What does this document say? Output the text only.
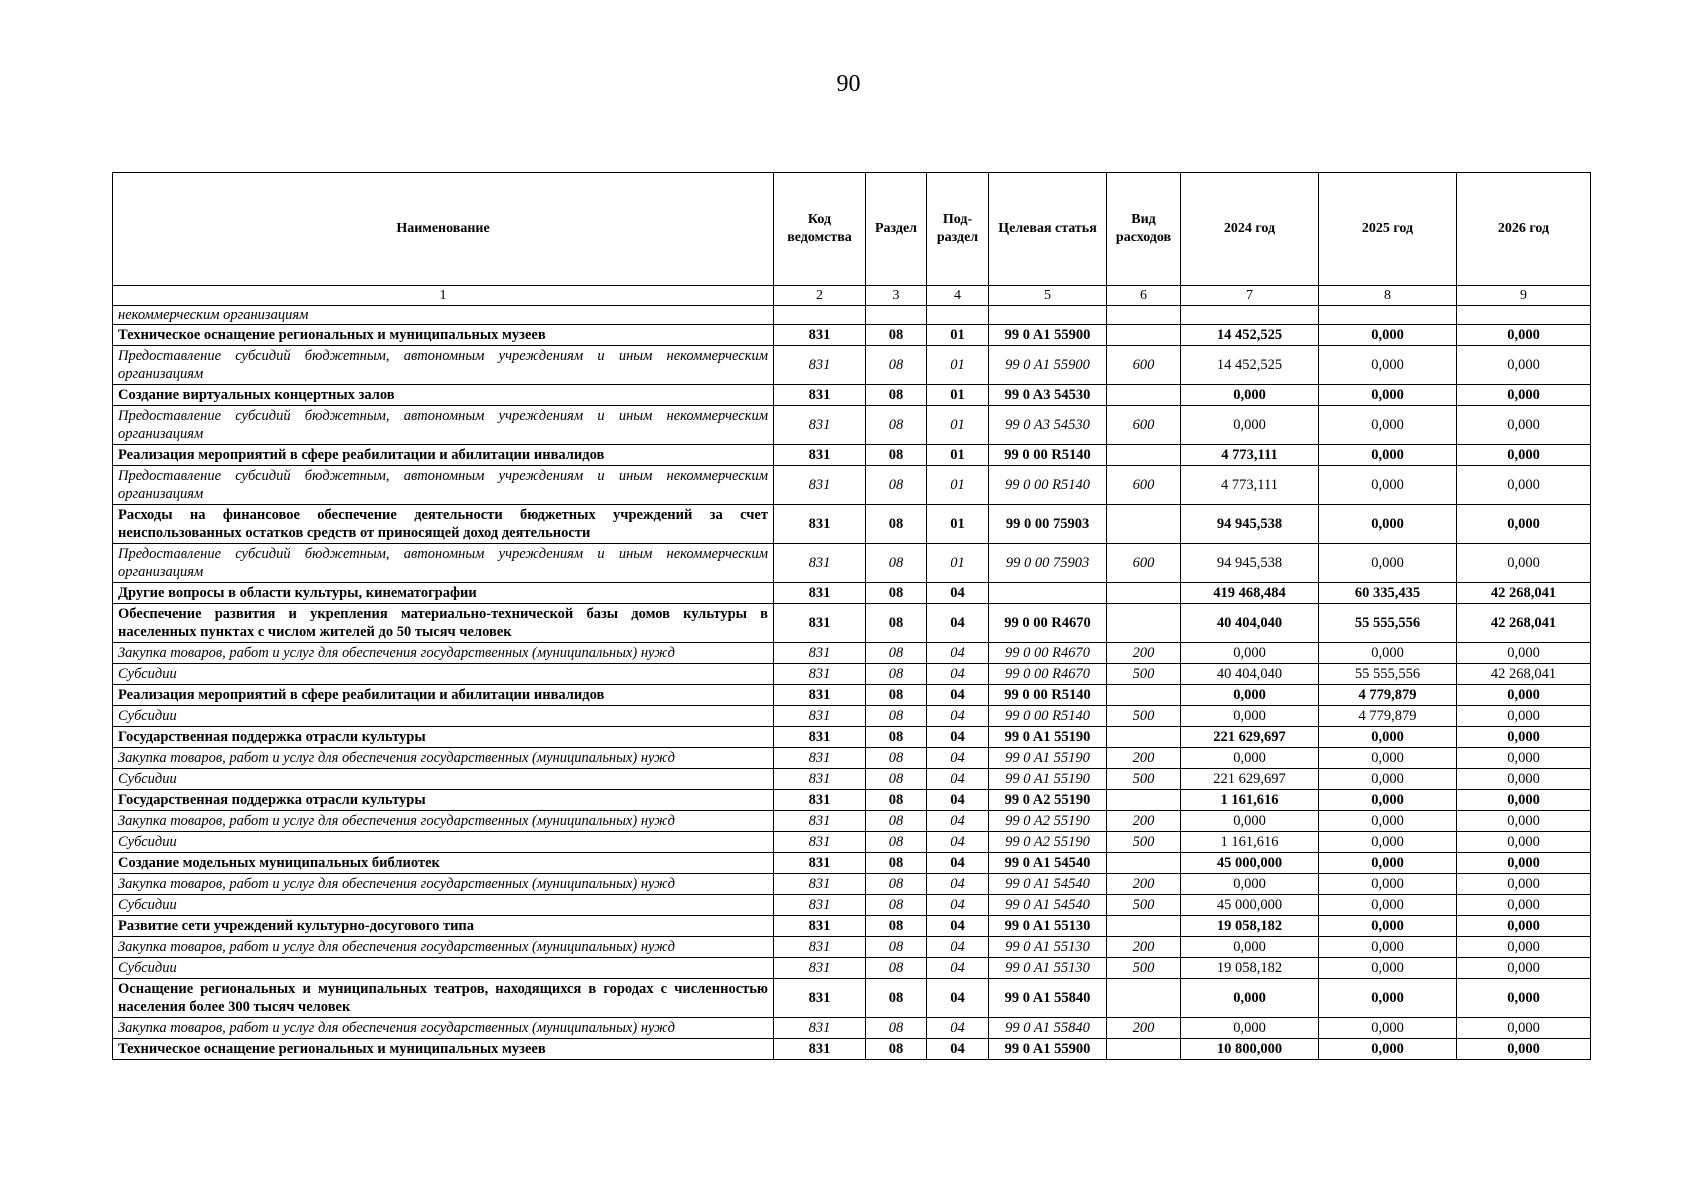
90
Наименование	Код ведомства	Раздел	Под-раздел	Целевая статья	Вид расходов	2024 год	2025 год	2026 год
1	2	3	4	5	6	7	8	9
некоммерческим организациям								
Техническое оснащение региональных и муниципальных музеев	831	08	01	99 0 A1 55900		14 452,525	0,000	0,000
Предоставление субсидий бюджетным, автономным учреждениям и иным некоммерческим организациям	831	08	01	99 0 A1 55900	600	14 452,525	0,000	0,000
Создание виртуальных концертных залов	831	08	01	99 0 A3 54530		0,000	0,000	0,000
Предоставление субсидий бюджетным, автономным учреждениям и иным некоммерческим организациям	831	08	01	99 0 A3 54530	600	0,000	0,000	0,000
Реализация мероприятий в сфере реабилитации и абилитации инвалидов	831	08	01	99 0 00 R5140		4 773,111	0,000	0,000
Предоставление субсидий бюджетным, автономным учреждениям и иным некоммерческим организациям	831	08	01	99 0 00 R5140	600	4 773,111	0,000	0,000
Расходы на финансовое обеспечение деятельности бюджетных учреждений за счет неиспользованных остатков средств от приносящей доход деятельности	831	08	01	99 0 00 75903		94 945,538	0,000	0,000
Предоставление субсидий бюджетным, автономным учреждениям и иным некоммерческим организациям	831	08	01	99 0 00 75903	600	94 945,538	0,000	0,000
Другие вопросы в области культуры, кинематографии	831	08	04			419 468,484	60 335,435	42 268,041
Обеспечение развития и укрепления материально-технической базы домов культуры в населенных пунктах с числом жителей до 50 тысяч человек	831	08	04	99 0 00 R4670		40 404,040	55 555,556	42 268,041
Закупка товаров, работ и услуг для обеспечения государственных (муниципальных) нужд	831	08	04	99 0 00 R4670	200	0,000	0,000	0,000
Субсидии	831	08	04	99 0 00 R4670	500	40 404,040	55 555,556	42 268,041
Реализация мероприятий в сфере реабилитации и абилитации инвалидов	831	08	04	99 0 00 R5140		0,000	4 779,879	0,000
Субсидии	831	08	04	99 0 00 R5140	500	0,000	4 779,879	0,000
Государственная поддержка отрасли культуры	831	08	04	99 0 A1 55190		221 629,697	0,000	0,000
Закупка товаров, работ и услуг для обеспечения государственных (муниципальных) нужд	831	08	04	99 0 A1 55190	200	0,000	0,000	0,000
Субсидии	831	08	04	99 0 A1 55190	500	221 629,697	0,000	0,000
Государственная поддержка отрасли культуры	831	08	04	99 0 A2 55190		1 161,616	0,000	0,000
Закупка товаров, работ и услуг для обеспечения государственных (муниципальных) нужд	831	08	04	99 0 A2 55190	200	0,000	0,000	0,000
Субсидии	831	08	04	99 0 A2 55190	500	1 161,616	0,000	0,000
Создание модельных муниципальных библиотек	831	08	04	99 0 A1 54540		45 000,000	0,000	0,000
Закупка товаров, работ и услуг для обеспечения государственных (муниципальных) нужд	831	08	04	99 0 A1 54540	200	0,000	0,000	0,000
Субсидии	831	08	04	99 0 A1 54540	500	45 000,000	0,000	0,000
Развитие сети учреждений культурно-досугового типа	831	08	04	99 0 A1 55130		19 058,182	0,000	0,000
Закупка товаров, работ и услуг для обеспечения государственных (муниципальных) нужд	831	08	04	99 0 A1 55130	200	0,000	0,000	0,000
Субсидии	831	08	04	99 0 A1 55130	500	19 058,182	0,000	0,000
Оснащение региональных и муниципальных театров, находящихся в городах с численностью населения более 300 тысяч человек	831	08	04	99 0 A1 55840		0,000	0,000	0,000
Закупка товаров, работ и услуг для обеспечения государственных (муниципальных) нужд	831	08	04	99 0 A1 55840	200	0,000	0,000	0,000
Техническое оснащение региональных и муниципальных музеев	831	08	04	99 0 A1 55900		10 800,000	0,000	0,000
